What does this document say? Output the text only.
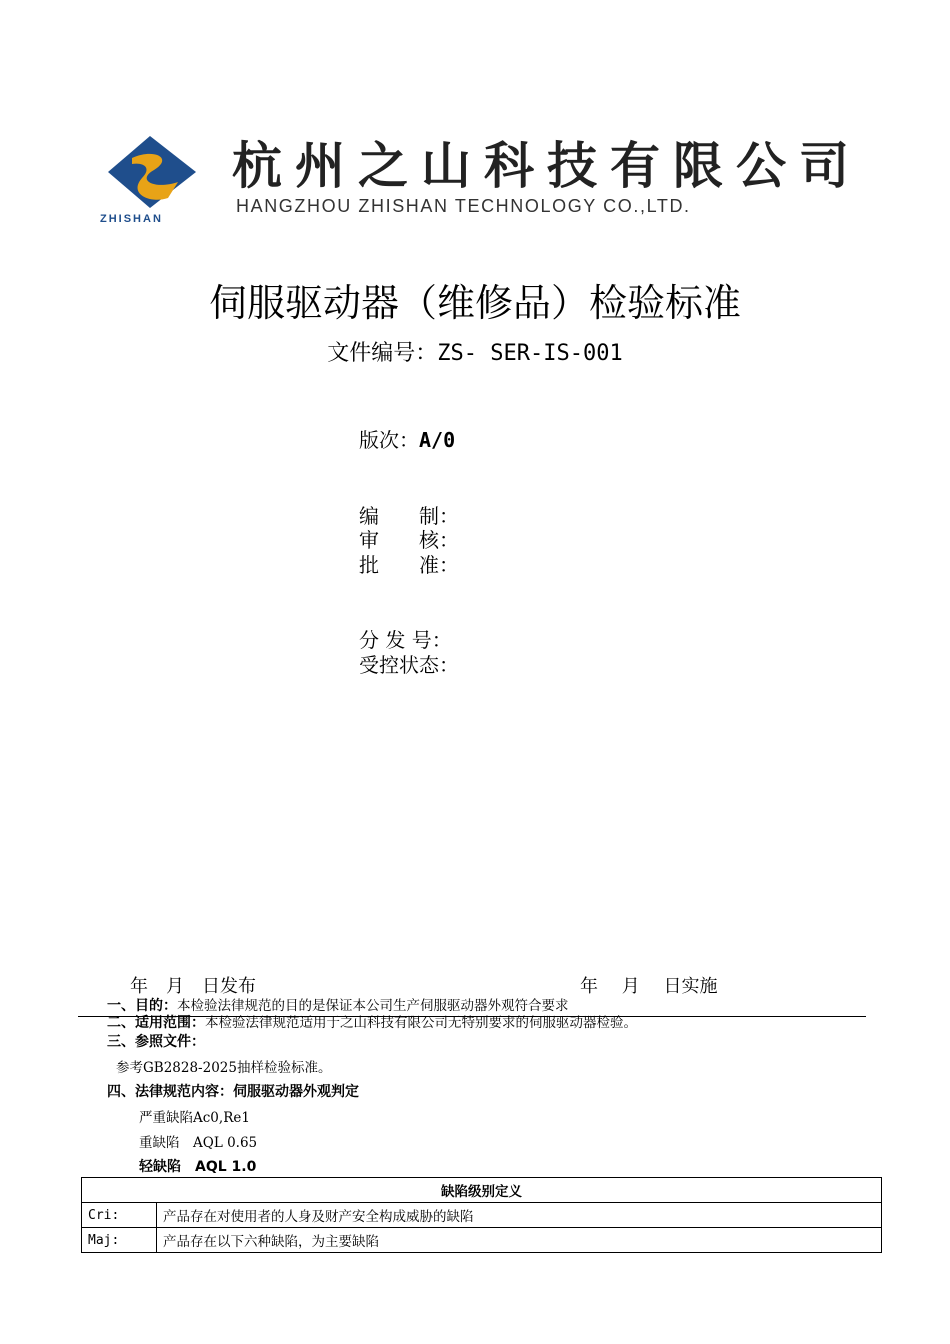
ZHISHAN
杭州之山科技有限公司
HANGZHOU ZHISHAN TECHNOLOGY CO.,LTD.
伺服驱动器（维修品）检验标准
文件编号：ZS- SER-IS-001
版次：A/0
编　　制：
审　　核：
批　　准：
分 发 号：
受控状态：
年　月　日发布	年　 月　 日实施
一、目的：本检验法律规范的目的是保证本公司生产伺服驱动器外观符合要求
二、适用范围：本检验法律规范适用于之山科技有限公司无特别要求的伺服驱动器检验。
三、参照文件：
参考GB2828-2025抽样检验标准。
四、法律规范内容：伺服驱动器外观判定
严重缺陷Ac0,Re1
重缺陷　AQL 0.65
轻缺陷　AQL 1.0
缺陷级别定义	
Cri:	产品存在对使用者的人身及财产安全构成威胁的缺陷
Maj:	产品存在以下六种缺陷，为主要缺陷
